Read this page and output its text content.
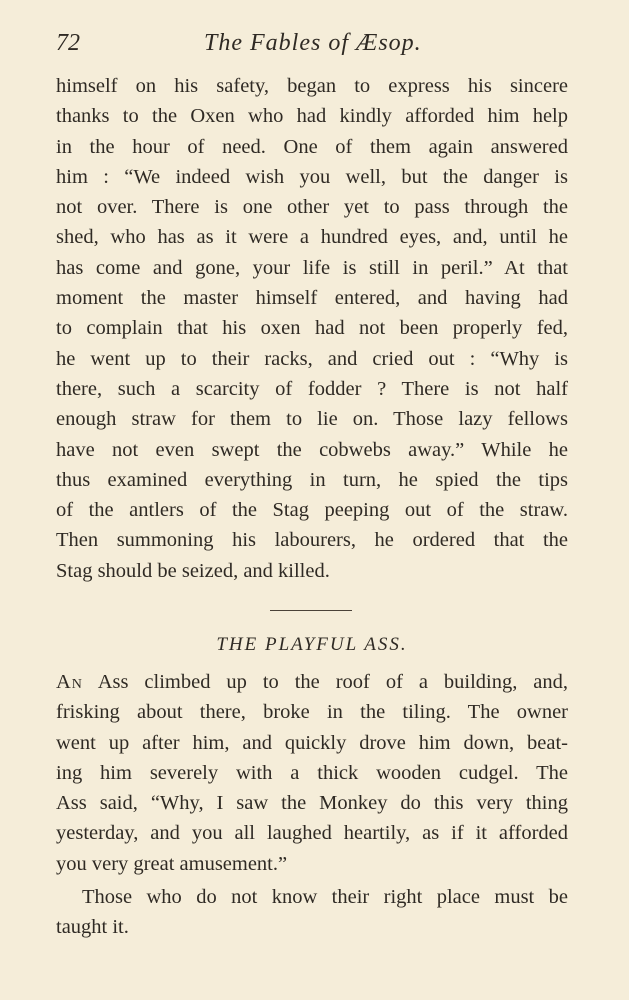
72	The Fables of Æsop.
himself on his safety, began to express his sincere
thanks to the Oxen who had kindly afforded him help
in the hour of need. One of them again answered
him : “We indeed wish you well, but the danger is
not over. There is one other yet to pass through the
shed, who has as it were a hundred eyes, and, until he
has come and gone, your life is still in peril.” At that
moment the master himself entered, and having had
to complain that his oxen had not been properly fed,
he went up to their racks, and cried out : “Why is
there, such a scarcity of fodder ? There is not half
enough straw for them to lie on. Those lazy fellows
have not even swept the cobwebs away.” While he
thus examined everything in turn, he spied the tips
of the antlers of the Stag peeping out of the straw.
Then summoning his labourers, he ordered that the
Stag should be seized, and killed.
THE PLAYFUL ASS.
An Ass climbed up to the roof of a building, and,
frisking about there, broke in the tiling. The owner
went up after him, and quickly drove him down, beat-
ing him severely with a thick wooden cudgel. The
Ass said, “Why, I saw the Monkey do this very thing
yesterday, and you all laughed heartily, as if it afforded
you very great amusement.”
Those who do not know their right place must be
taught it.
